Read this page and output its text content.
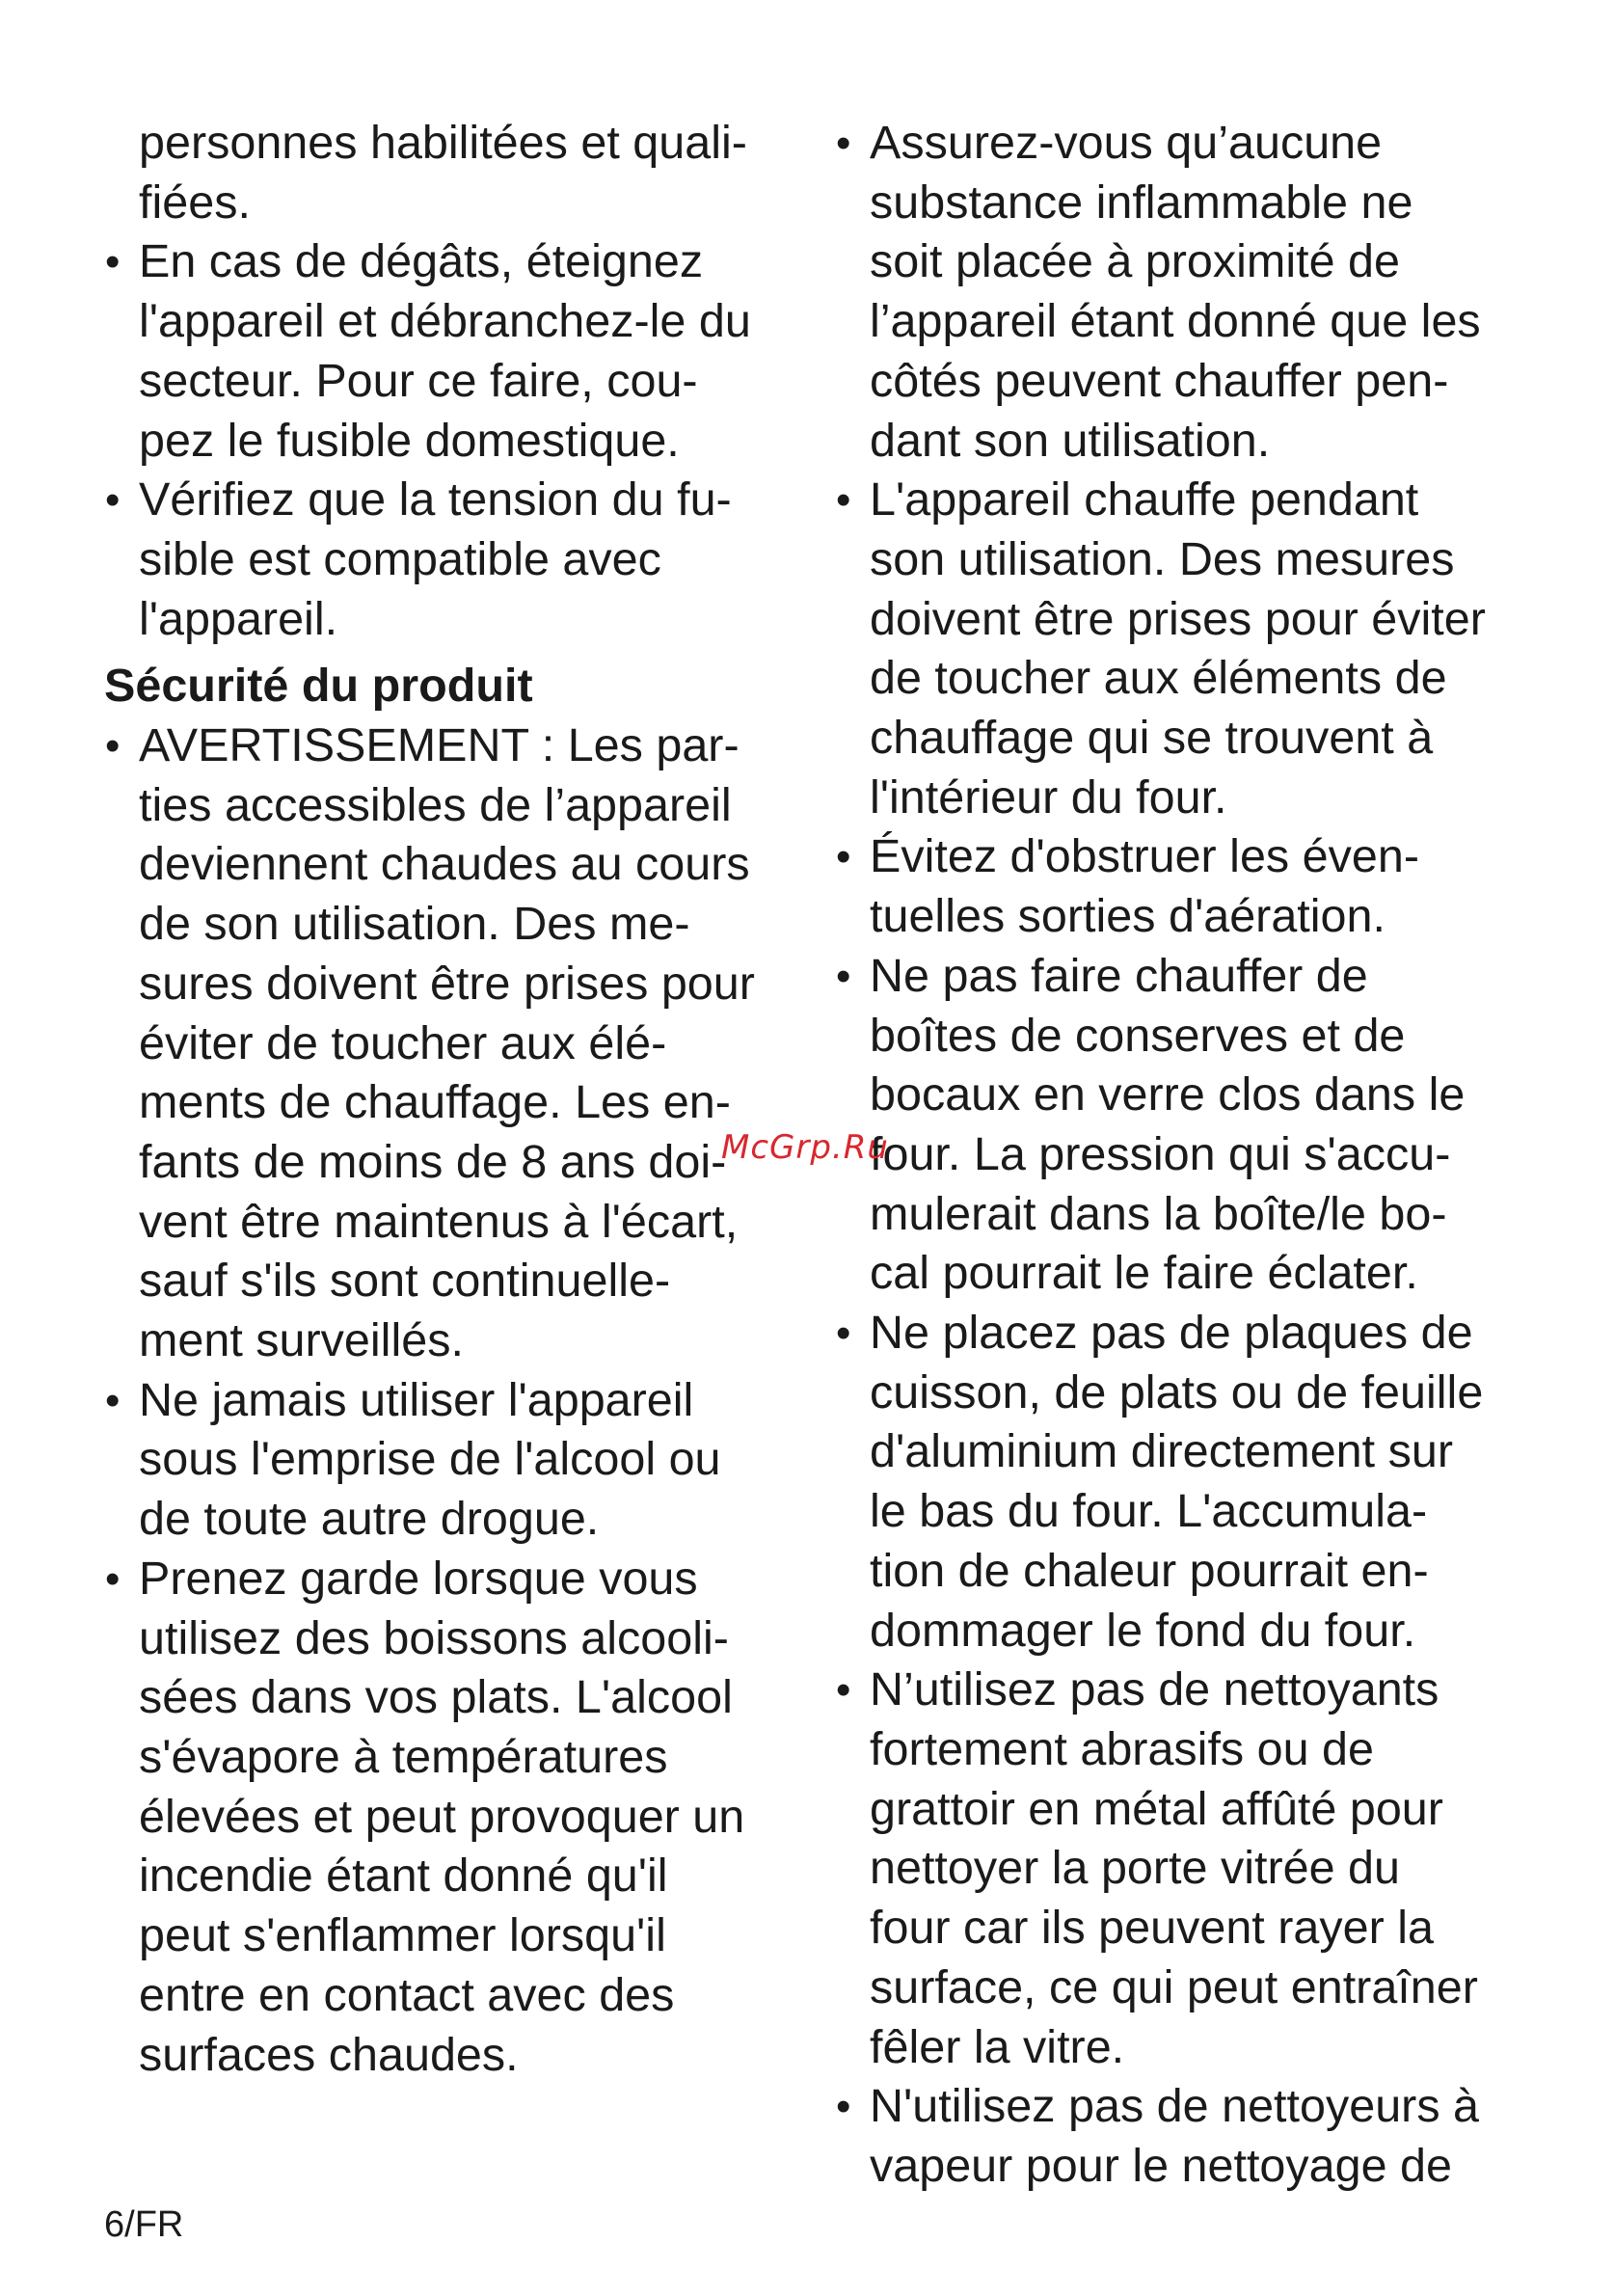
personnes habilitées et quali-
fiées.

• En cas de dégâts, éteignez
l'appareil et débranchez-le du
secteur. Pour ce faire, cou-
pez le fusible domestique.
• Vérifiez que la tension du fu-
sible est compatible avec
l'appareil.
Sécurité du produit
• AVERTISSEMENT : Les par-
ties accessibles de l’appareil
deviennent chaudes au cours
de son utilisation. Des me-
sures doivent être prises pour
éviter de toucher aux élé-
ments de chauffage. Les en-
fants de moins de 8 ans doi-
vent être maintenus à l'écart,
sauf s'ils sont continuelle-
ment surveillés.
• Ne jamais utiliser l'appareil
sous l'emprise de l'alcool ou
de toute autre drogue.
• Prenez garde lorsque vous
utilisez des boissons alcooli-
sées dans vos plats. L'alcool
s'évapore à températures
élevées et peut provoquer un
incendie étant donné qu'il
peut s'enflammer lorsqu'il
entre en contact avec des
surfaces chaudes.
• Assurez-vous qu’aucune
substance inflammable ne
soit placée à proximité de
l’appareil étant donné que les
côtés peuvent chauffer pen-
dant son utilisation.
• L'appareil chauffe pendant
son utilisation. Des mesures
doivent être prises pour éviter
de toucher aux éléments de
chauffage qui se trouvent à
l'intérieur du four.
• Évitez d'obstruer les éven-
tuelles sorties d'aération.
• Ne pas faire chauffer de
boîtes de conserves et de
bocaux en verre clos dans le
four. La pression qui s'accu-
mulerait dans la boîte/le bo-
cal pourrait le faire éclater.
• Ne placez pas de plaques de
cuisson, de plats ou de feuille
d'aluminium directement sur
le bas du four. L'accumula-
tion de chaleur pourrait en-
dommager le fond du four.
• N’utilisez pas de nettoyants
fortement abrasifs ou de
grattoir en métal affûté pour
nettoyer la porte vitrée du
four car ils peuvent rayer la
surface, ce qui peut entraîner
fêler la vitre.
• N'utilisez pas de nettoyeurs à
vapeur pour le nettoyage de
McGrp.Ru
6/FR
